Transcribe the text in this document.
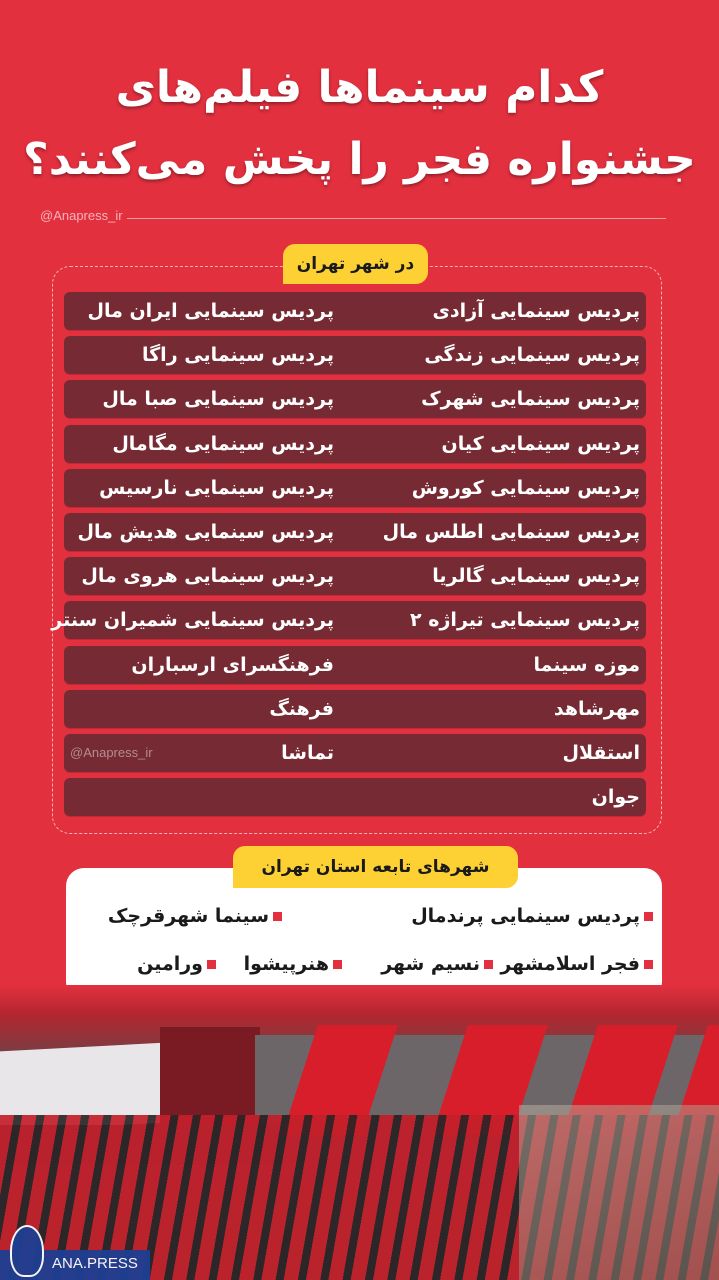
کدام سینماها فیلم‌های
جشنواره فجر را پخش می‌کنند؟
@Anapress_ir
در شهر تهران
پردیس سینمایی آزادی
پردیس سینمایی ایران مال
پردیس سینمایی زندگی
پردیس سینمایی راگا
پردیس سینمایی شهرک
پردیس سینمایی صبا مال
پردیس سینمایی کیان
پردیس سینمایی مگامال
پردیس سینمایی کوروش
پردیس سینمایی نارسیس
پردیس سینمایی اطلس مال
پردیس سینمایی هدیش مال
پردیس سینمایی گالریا
پردیس سینمایی هروی مال
پردیس سینمایی تیراژه ۲
پردیس سینمایی شمیران سنتر
موزه سینما
فرهنگسرای ارسباران
مهرشاهد
فرهنگ
استقلال
تماشا
@Anapress_ir
جوان
شهرهای تابعه استان تهران
پردیس سینمایی پرندمال
سینما شهرقرچک
فجر اسلامشهر
نسیم شهر
هنرپیشوا
ورامین
ANA.PRESS
